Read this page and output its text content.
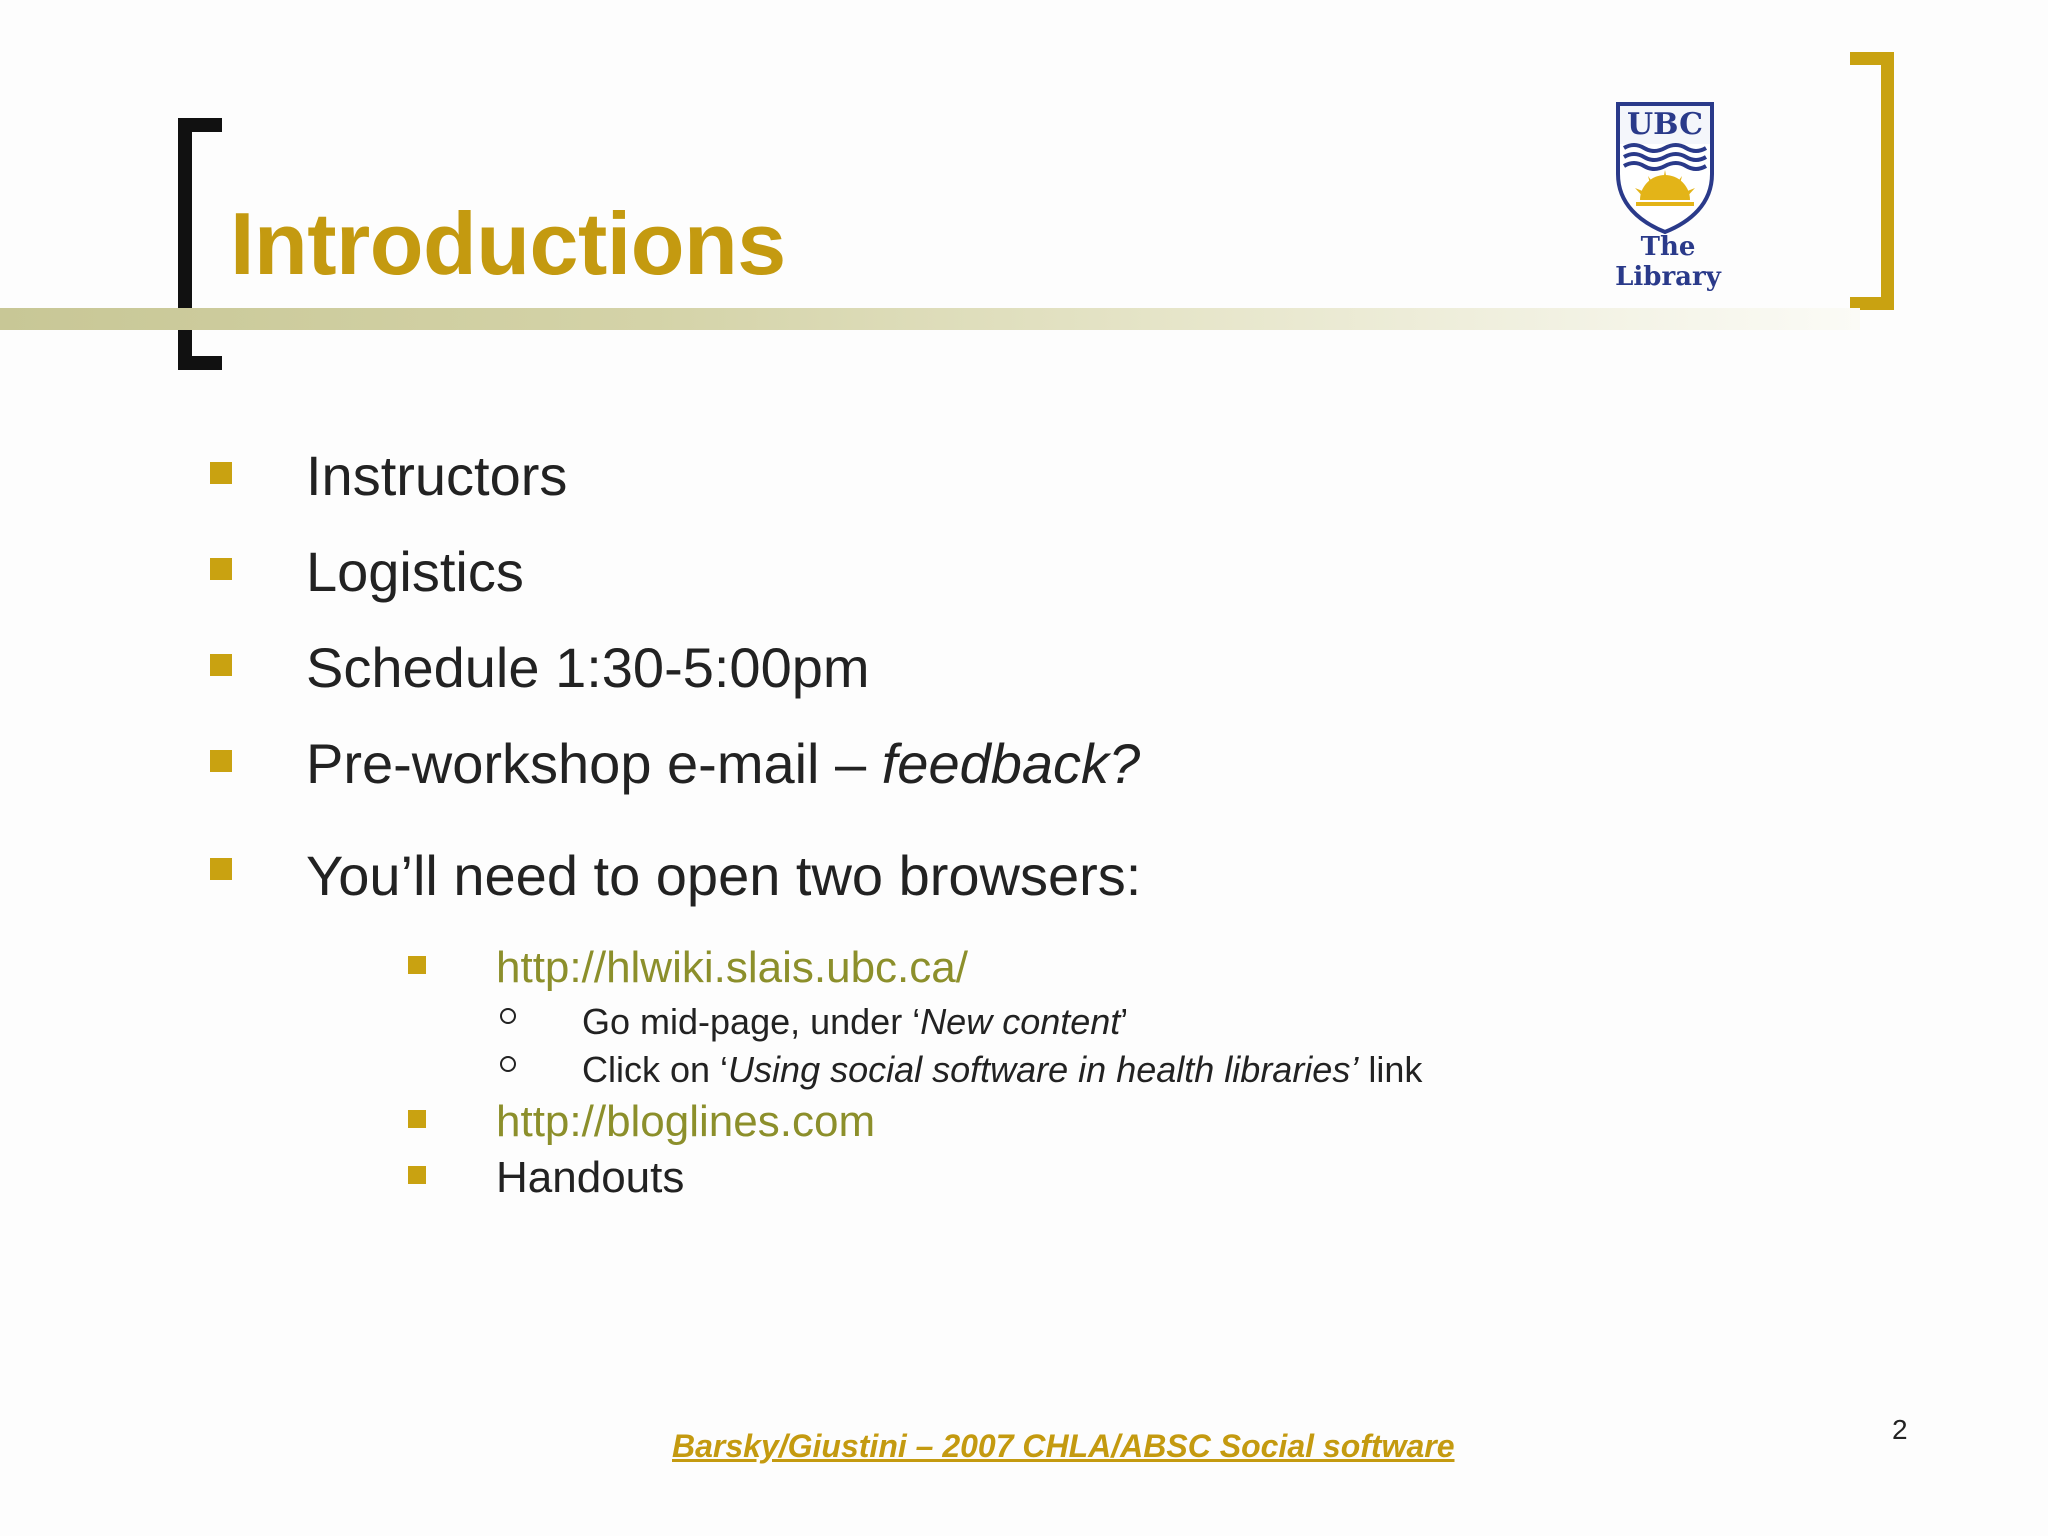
Introductions
UBC
The Library
Instructors
Logistics
Schedule 1:30-5:00pm
Pre-workshop e-mail – feedback?
You’ll need to open two browsers:
http://hlwiki.slais.ubc.ca/
Go mid-page, under ‘New content’
Click on ‘Using social software in health libraries’ link
http://bloglines.com
Handouts
Barsky/Giustini – 2007 CHLA/ABSC Social software	2
